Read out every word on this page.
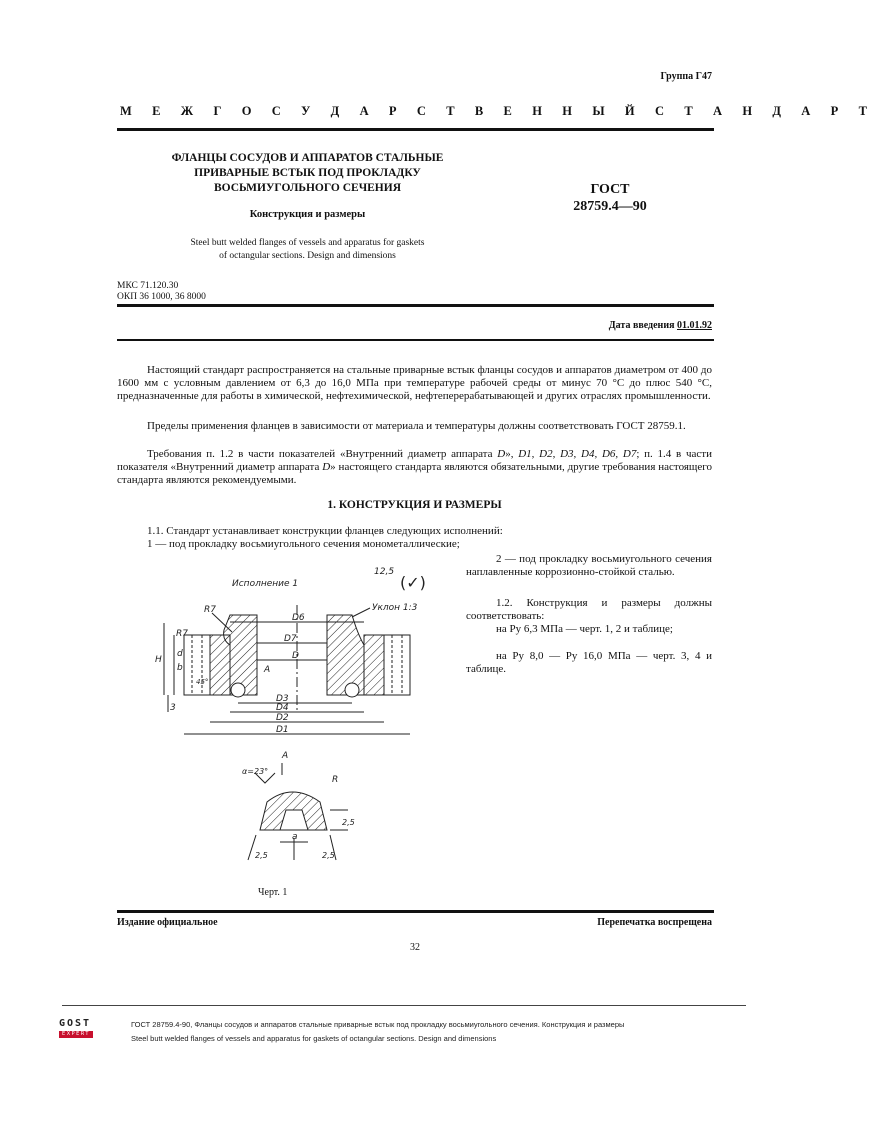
Группа Г47
М Е Ж Г О С У Д А Р С Т В Е Н Н Ы Й С Т А Н Д А Р Т
ФЛАНЦЫ СОСУДОВ И АППАРАТОВ СТАЛЬНЫЕ
ПРИВАРНЫЕ ВСТЫК ПОД ПРОКЛАДКУ
ВОСЬМИУГОЛЬНОГО СЕЧЕНИЯ
Конструкция и размеры
Steel butt welded flanges of vessels and apparatus for gaskets
of octangular sections. Design and dimensions
ГОСТ
28759.4—90
МКС 71.120.30
ОКП 36 1000, 36 8000
Дата введения 01.01.92
Настоящий стандарт распространяется на стальные приварные встык фланцы сосудов и аппаратов диаметром от 400 до 1600 мм с условным давлением от 6,3 до 16,0 МПа при температуре рабочей среды от минус 70 °С до плюс 540 °С, предназначенные для работы в химической, нефтехимической, нефтеперерабатывающей и других отраслях промышленности.
Пределы применения фланцев в зависимости от материала и температуры должны соответствовать ГОСТ 28759.1.
Требования п. 1.2 в части показателей «Внутренний диаметр аппарата D», D1, D2, D3, D4, D6, D7; п. 1.4 в части показателя «Внутренний диаметр аппарата D» настоящего стандарта являются обязательными, другие требования настоящего стандарта являются рекомендуемыми.
1. КОНСТРУКЦИЯ И РАЗМЕРЫ
1.1. Стандарт устанавливает конструкции фланцев следующих исполнений:
1 — под прокладку восьмиугольного сечения монометаллические;
2 — под прокладку восьмиугольного сечения наплавленные коррозионно-стойкой сталью.
1.2. Конструкция и размеры должны соответствовать:
на Pу 6,3 МПа — черт. 1, 2 и таблице;
на Pу 8,0 — Pу 16,0 МПа — черт. 3, 4 и таблице.
Исполнение 1
12,5
(✓)
R7
R7
Уклон 1:3
D6
D7
D
A
D3
D4
D2
D1
H
b
d
3
45°
A
α=23°
R
2,5
2,5	2,5
a
Черт. 1
Издание официальное	Перепечатка воспрещена
32
GOST
EXPERT
ГОСТ 28759.4-90, Фланцы сосудов и аппаратов стальные приварные встык под прокладку восьмиугольного сечения. Конструкция и размеры
Steel butt welded flanges of vessels and apparatus for gaskets of octangular sections. Design and dimensions
